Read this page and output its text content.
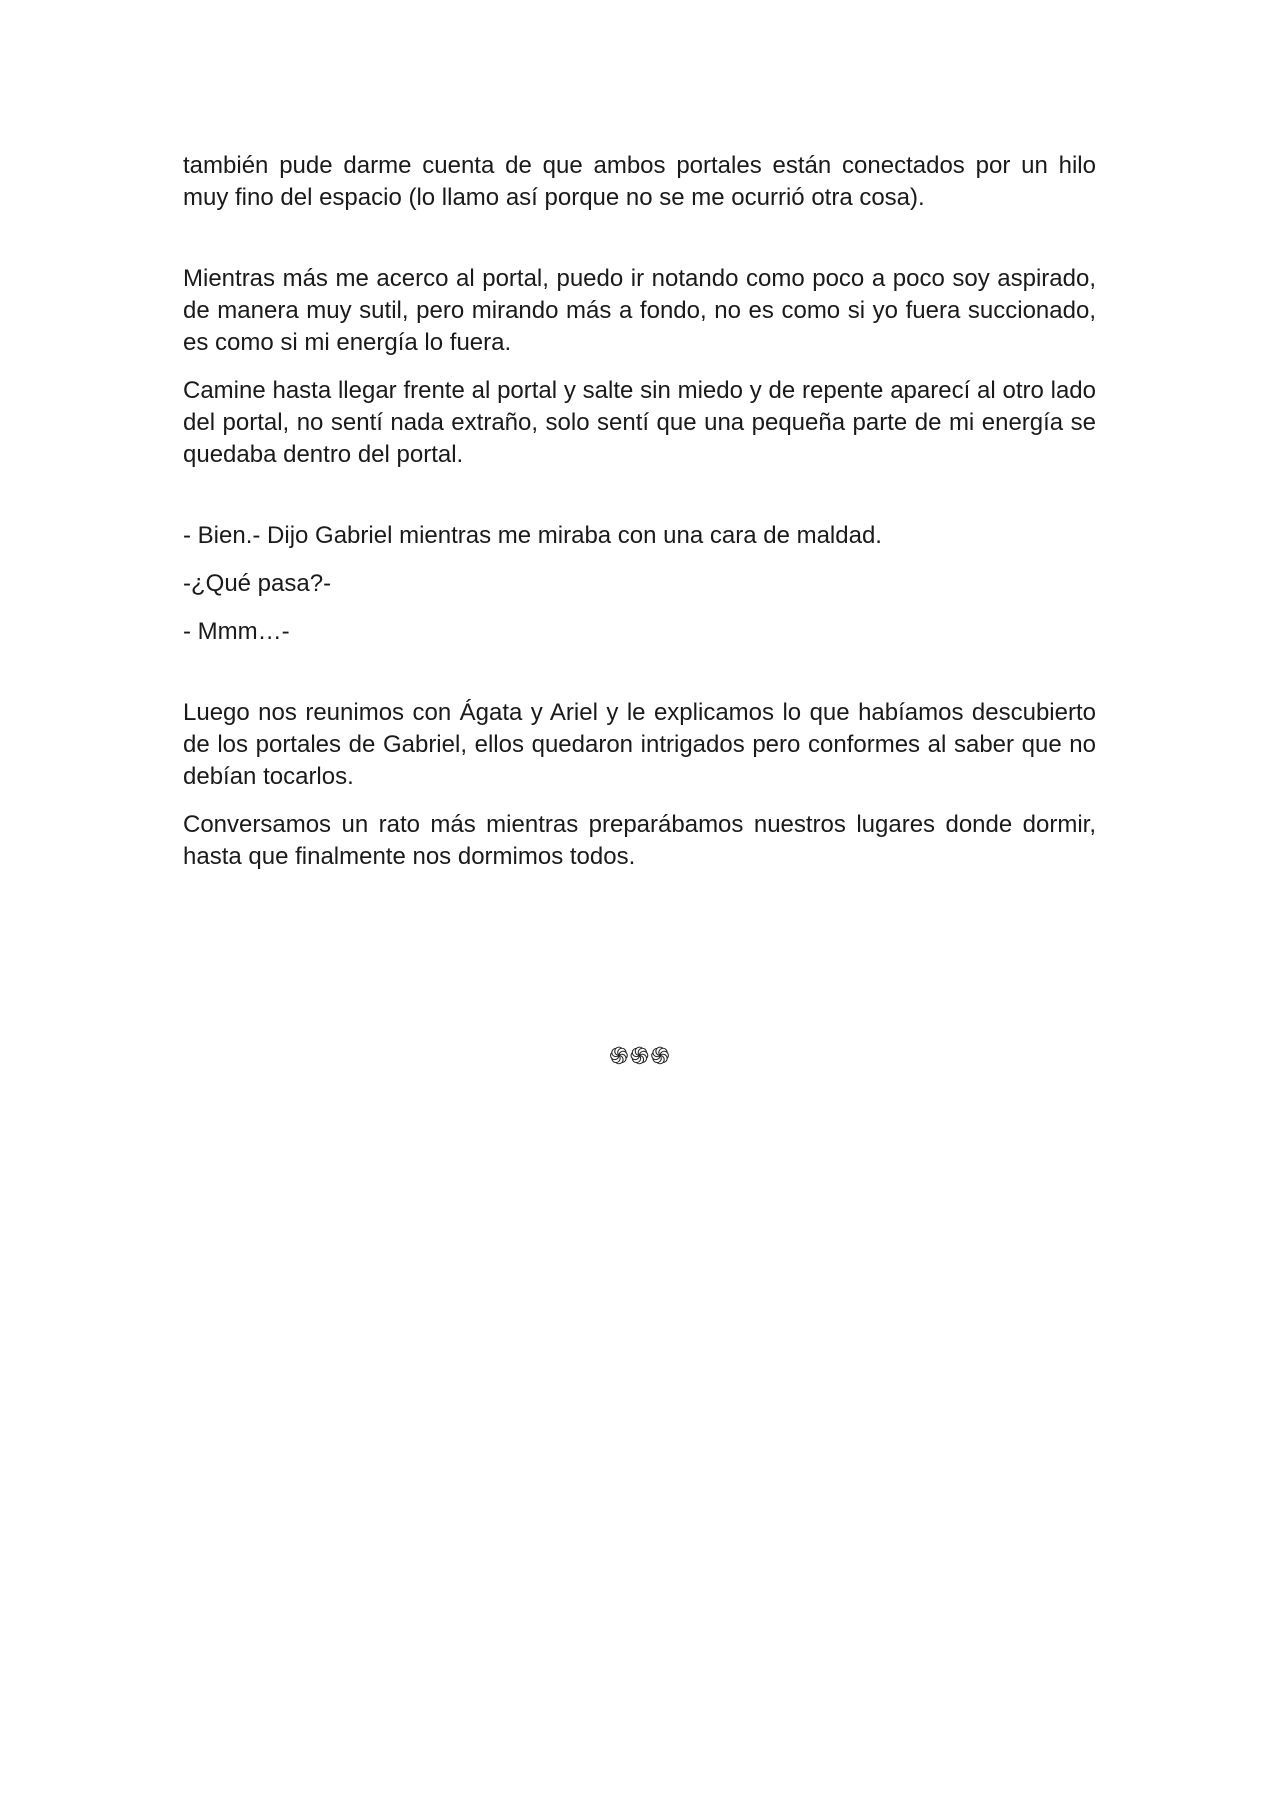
también pude darme cuenta de que ambos portales están conectados por un hilo muy fino del espacio (lo llamo así porque no se me ocurrió otra cosa).

Mientras más me acerco al portal, puedo ir notando como poco a poco soy aspirado, de manera muy sutil, pero mirando más a fondo, no es como si yo fuera succionado, es como si mi energía lo fuera.

Camine hasta llegar frente al portal y salte sin miedo y de repente aparecí al otro lado del portal, no sentí nada extraño, solo sentí que una pequeña parte de mi energía se quedaba dentro del portal.

- Bien.- Dijo Gabriel mientras me miraba con una cara de maldad.

-¿Qué pasa?-

- Mmm…-

Luego nos reunimos con Ágata y Ariel y le explicamos lo que habíamos descubierto de los portales de Gabriel, ellos quedaron intrigados pero conformes al saber que no debían tocarlos.

Conversamos un rato más mientras preparábamos nuestros lugares donde dormir, hasta que finalmente nos dormimos todos.

֍֍֍
